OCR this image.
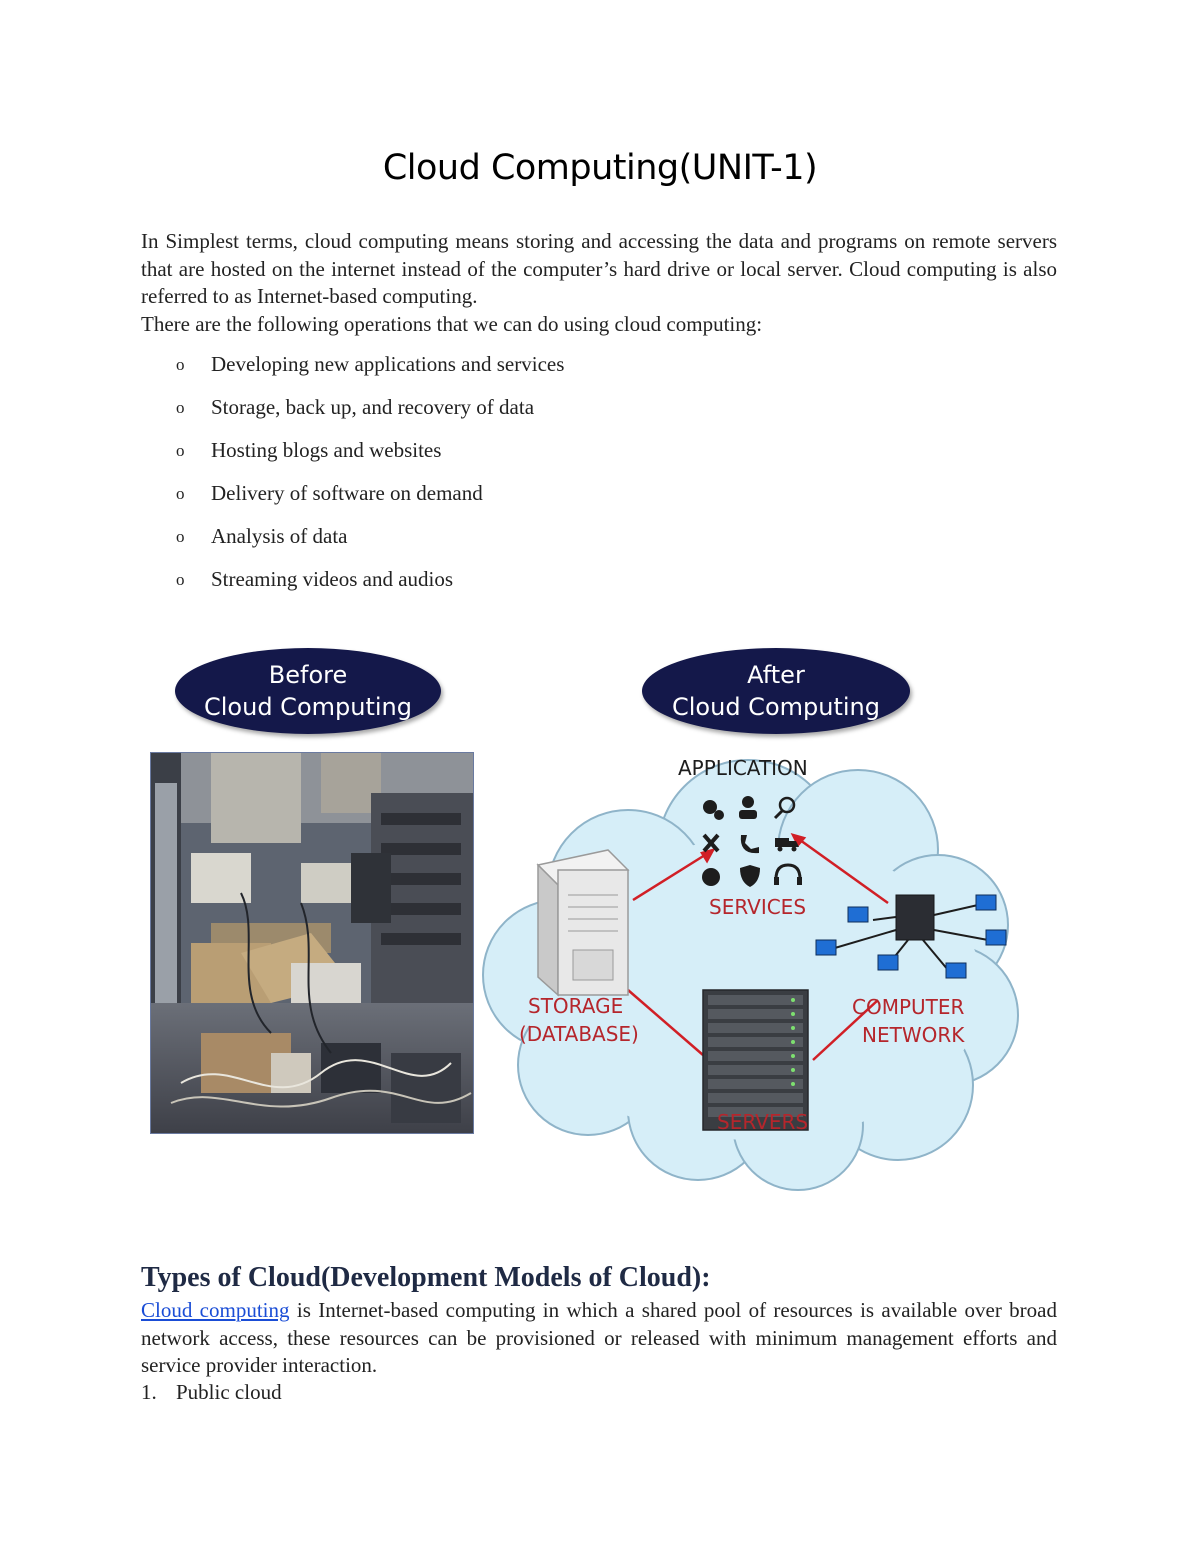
Cloud Computing(UNIT-1)

In Simplest terms, cloud computing means storing and accessing the data and programs on remote servers that are hosted on the internet instead of the computer’s hard drive or local server. Cloud computing is also referred to as Internet-based computing.

There are the following operations that we can do using cloud computing:

o Developing new applications and services
o Storage, back up, and recovery of data
o Hosting blogs and websites
o Delivery of software on demand
o Analysis of data
o Streaming videos and audios
Before
Cloud Computing
After
Cloud Computing
APPLICATION
SERVICES
STORAGE
(DATABASE)
COMPUTER
NETWORK
SERVERS
Types of Cloud(Development Models of Cloud):

Cloud computing is Internet-based computing in which a shared pool of resources is available over broad network access, these resources can be provisioned or released with minimum management efforts and service provider interaction.

1. Public cloud
